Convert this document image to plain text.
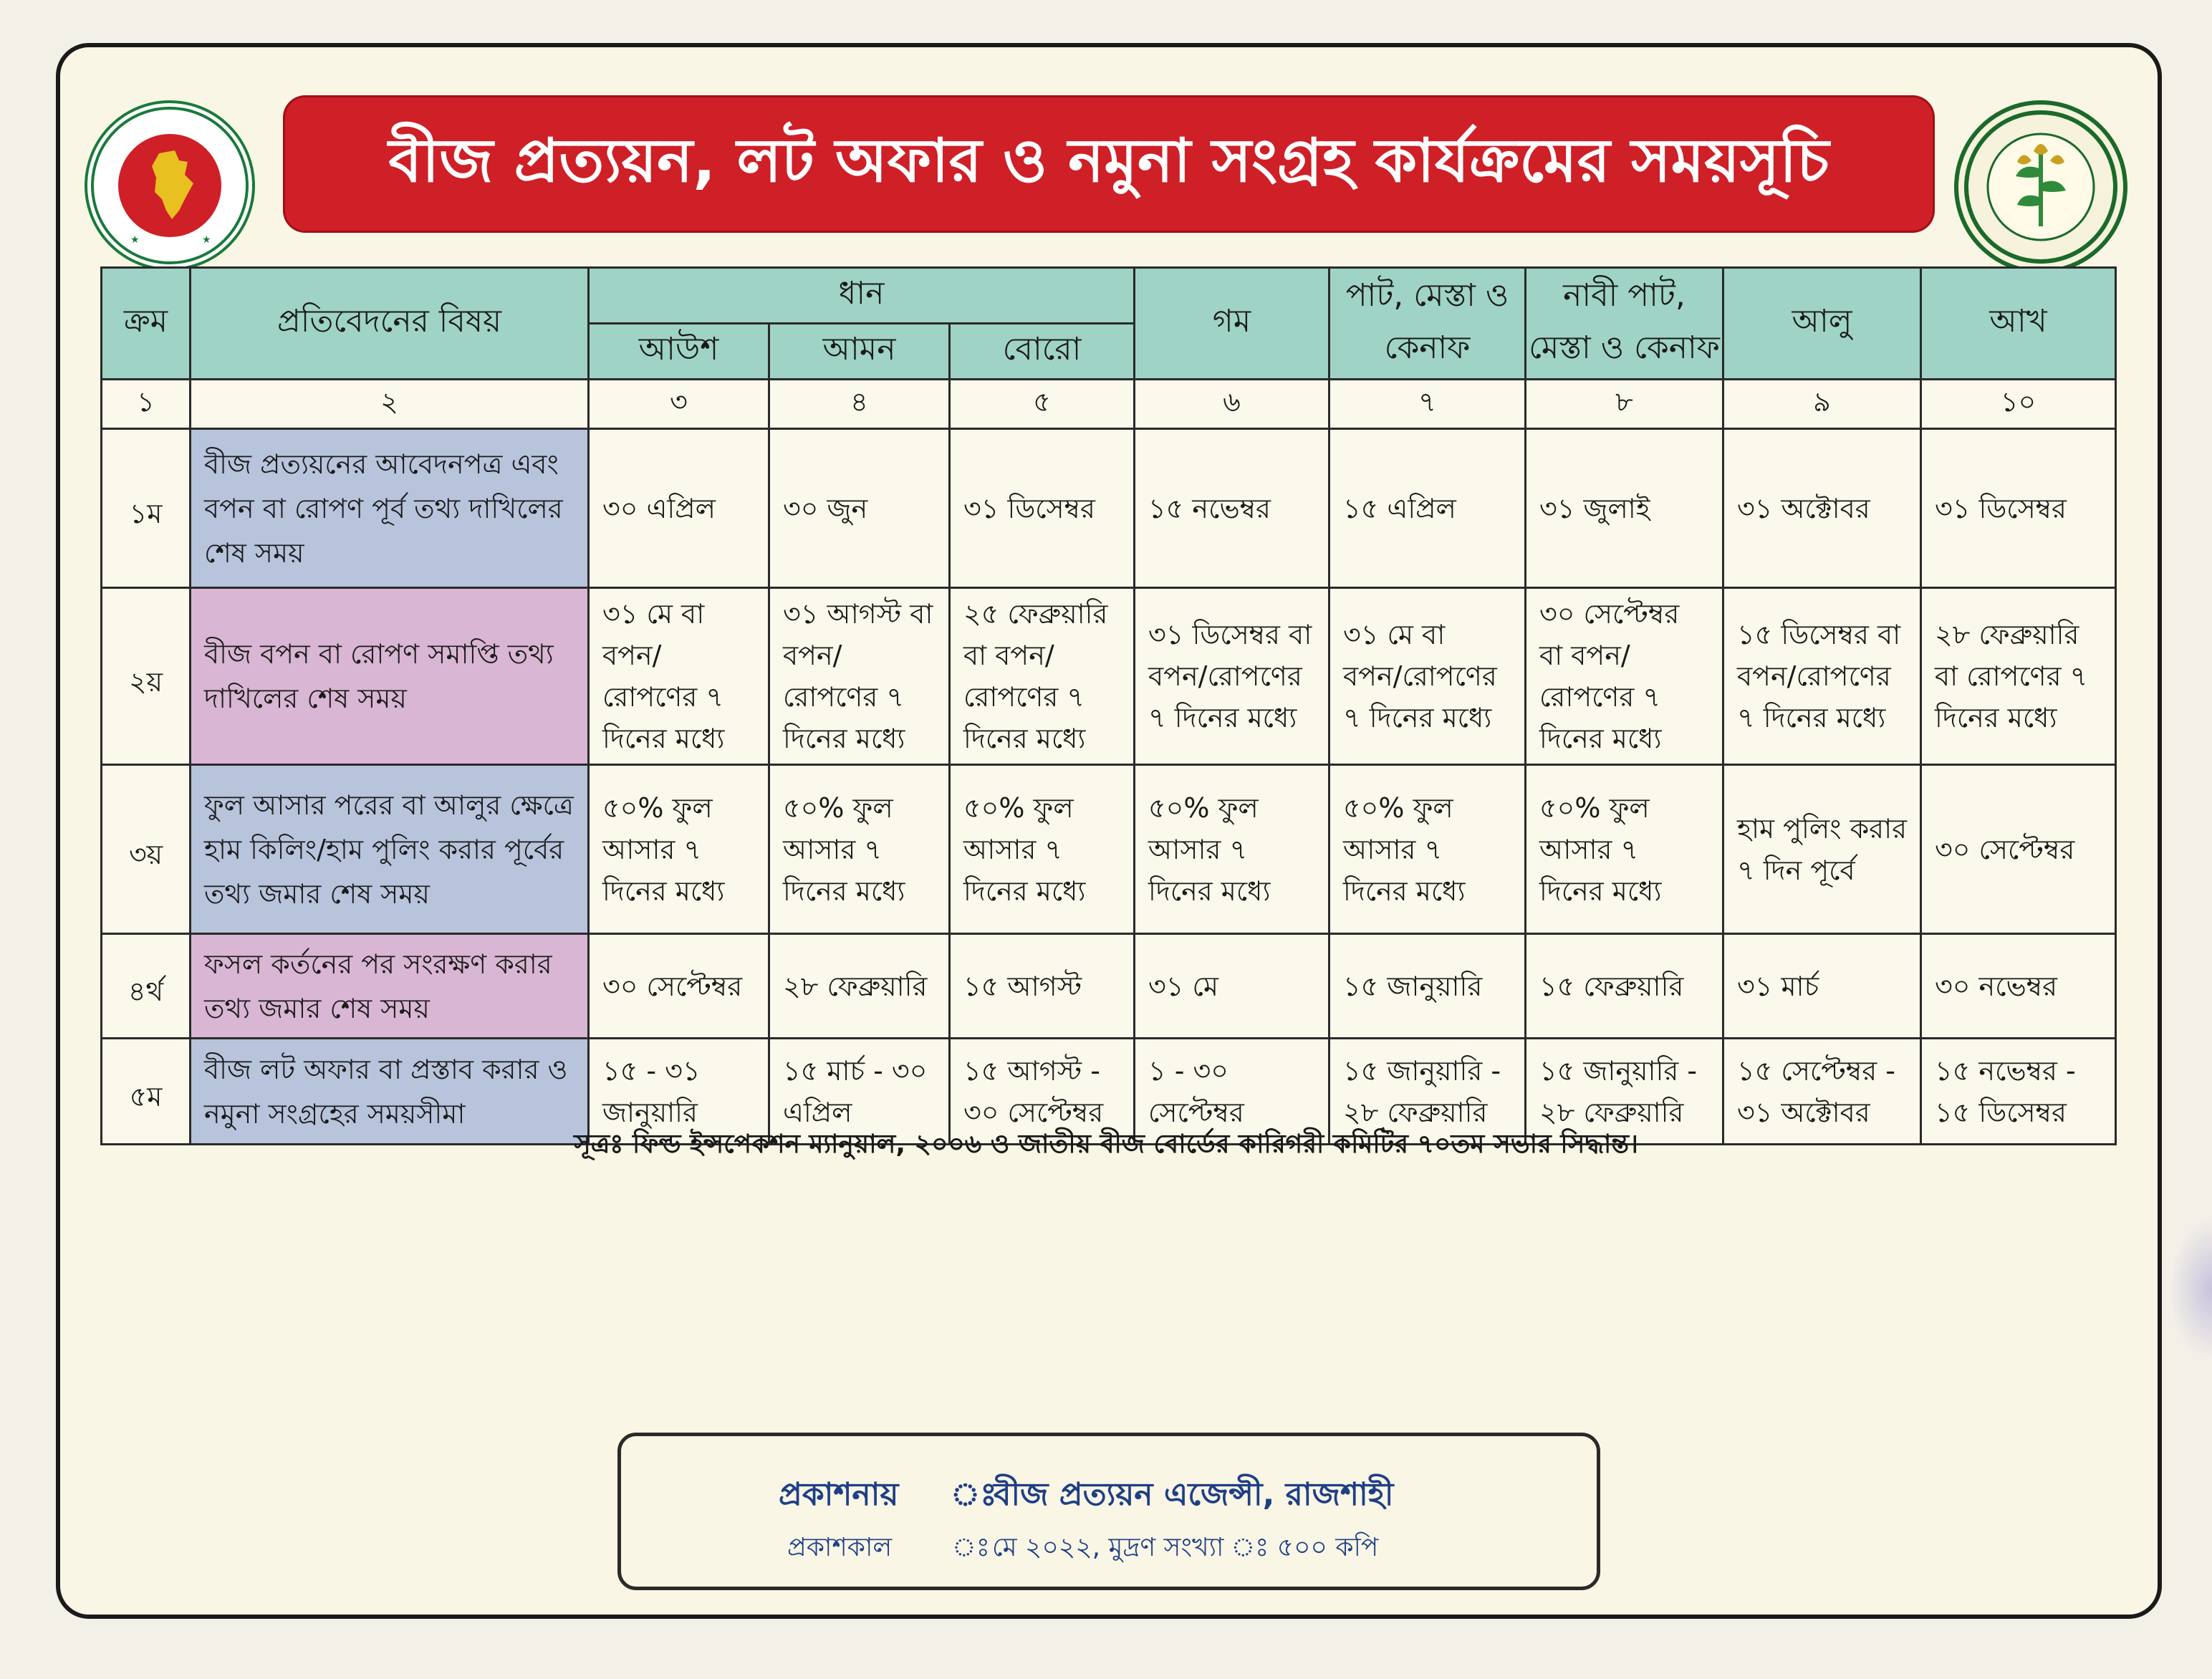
★	★
বীজ প্রত্যয়ন, লট অফার ও নমুনা সংগ্রহ কার্যক্রমের সময়সূচি
ক্রম	প্রতিবেদনের বিষয়	ধান			গম	পাট, মেস্তা ও কেনাফ	নাবী পাট, মেস্তা ও কেনাফ	আলু	আখ
		আউশ	আমন	বোরো					
১	২	৩	৪	৫	৬	৭	৮	৯	১০
১ম	বীজ প্রত্যয়নের আবেদনপত্র এবং বপন বা রোপণ পূর্ব তথ্য দাখিলের শেষ সময়	৩০ এপ্রিল	৩০ জুন	৩১ ডিসেম্বর	১৫ নভেম্বর	১৫ এপ্রিল	৩১ জুলাই	৩১ অক্টোবর	৩১ ডিসেম্বর
২য়	বীজ বপন বা রোপণ সমাপ্তি তথ্য দাখিলের শেষ সময়	৩১ মে বা বপন/রোপণের ৭ দিনের মধ্যে	৩১ আগস্ট বা বপন/রোপণের ৭ দিনের মধ্যে	২৫ ফেব্রুয়ারি বা বপন/রোপণের ৭ দিনের মধ্যে	৩১ ডিসেম্বর বা বপন/রোপণের ৭ দিনের মধ্যে	৩১ মে বা বপন/রোপণের ৭ দিনের মধ্যে	৩০ সেপ্টেম্বর বা বপন/রোপণের ৭ দিনের মধ্যে	১৫ ডিসেম্বর বা বপন/রোপণের ৭ দিনের মধ্যে	২৮ ফেব্রুয়ারি বা রোপণের ৭ দিনের মধ্যে
৩য়	ফুল আসার পরের বা আলুর ক্ষেত্রে হাম কিলিং/হাম পুলিং করার পূর্বের তথ্য জমার শেষ সময়	৫০% ফুল আসার ৭ দিনের মধ্যে	৫০% ফুল আসার ৭ দিনের মধ্যে	৫০% ফুল আসার ৭ দিনের মধ্যে	৫০% ফুল আসার ৭ দিনের মধ্যে	৫০% ফুল আসার ৭ দিনের মধ্যে	৫০% ফুল আসার ৭ দিনের মধ্যে	হাম পুলিং করার ৭ দিন পূর্বে	৩০ সেপ্টেম্বর
৪র্থ	ফসল কর্তনের পর সংরক্ষণ করার তথ্য জমার শেষ সময়	৩০ সেপ্টেম্বর	২৮ ফেব্রুয়ারি	১৫ আগস্ট	৩১ মে	১৫ জানুয়ারি	১৫ ফেব্রুয়ারি	৩১ মার্চ	৩০ নভেম্বর
৫ম	বীজ লট অফার বা প্রস্তাব করার ও নমুনা সংগ্রহের সময়সীমা	১৫ - ৩১ জানুয়ারি	১৫ মার্চ - ৩০ এপ্রিল	১৫ আগস্ট - ৩০ সেপ্টেম্বর	১ - ৩০ সেপ্টেম্বর	১৫ জানুয়ারি - ২৮ ফেব্রুয়ারি	১৫ জানুয়ারি - ২৮ ফেব্রুয়ারি	১৫ সেপ্টেম্বর - ৩১ অক্টোবর	১৫ নভেম্বর - ১৫ ডিসেম্বর
সূত্রঃ ফিল্ড ইন্সপেকশন ম্যানুয়াল, ২০০৬ ও জাতীয় বীজ বোর্ডের কারিগরী কমিটির ৭০তম সভার সিদ্ধান্ত।
প্রকাশনায় ঃ
বীজ প্রত্যয়ন এজেন্সী, রাজশাহী
প্রকাশকাল ঃ মে ২০২২, মুদ্রণ সংখ্যা ঃ ৫০০ কপি
